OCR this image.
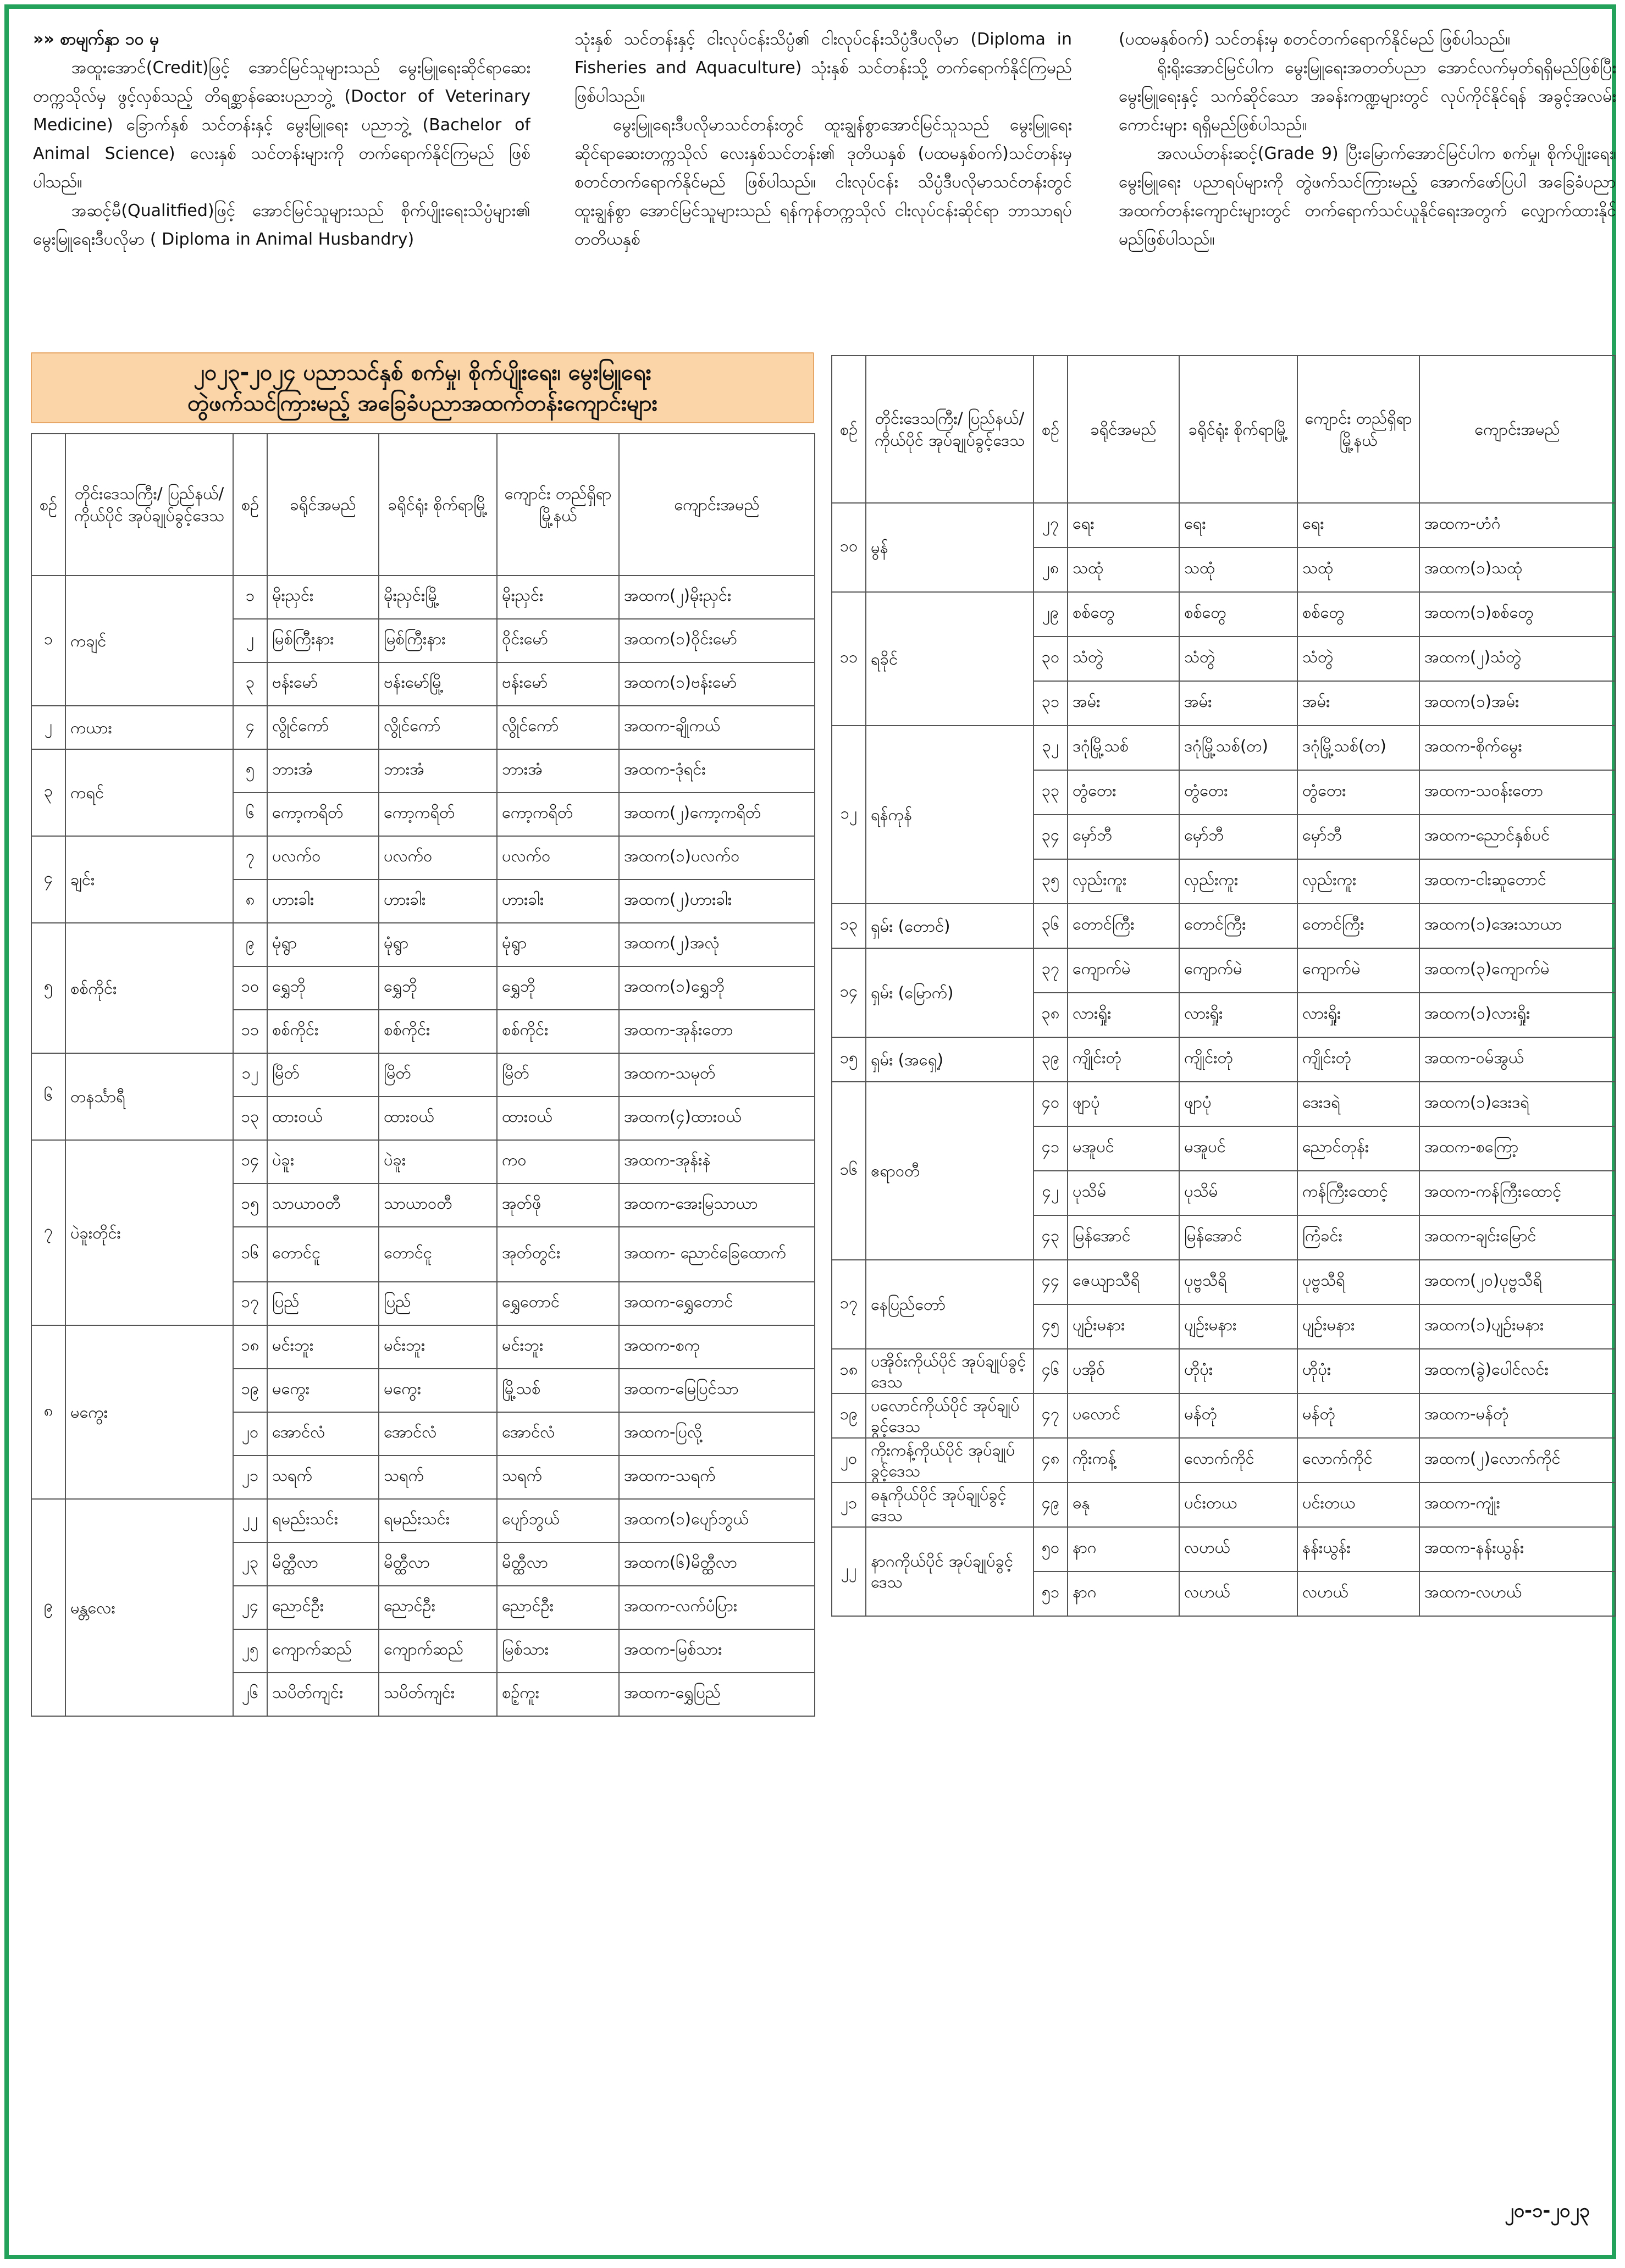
»» စာမျက်နှာ ၁၀ မှ

အထူးအောင်(Credit)ဖြင့် အောင်မြင်သူများသည် မွေးမြူရေးဆိုင်ရာဆေးတက္ကသိုလ်မှ ဖွင့်လှစ်သည့် တိရစ္ဆာန်ဆေးပညာဘွဲ့ (Doctor of Veterinary Medicine) ခြောက်နှစ် သင်တန်းနှင့် မွေးမြူရေး ပညာဘွဲ့ (Bachelor of Animal Science) လေးနှစ် သင်တန်းများကို တက်ရောက်နိုင်ကြမည် ဖြစ်ပါသည်။

အဆင့်မီ(Qualitfied)ဖြင့် အောင်မြင်သူများသည် စိုက်ပျိုးရေးသိပ္ပံများ၏ မွေးမြူရေးဒီပလိုမာ ( Diploma in Animal Husbandry)

သုံးနှစ် သင်တန်းနှင့် ငါးလုပ်ငန်းသိပ္ပံ၏ ငါးလုပ်ငန်းသိပ္ပံဒီပလိုမာ (Diploma in Fisheries and Aquaculture) သုံးနှစ် သင်တန်းသို့ တက်ရောက်နိုင်ကြမည် ဖြစ်ပါသည်။

မွေးမြူရေးဒီပလိုမာသင်တန်းတွင် ထူးချွန်စွာအောင်မြင်သူသည် မွေးမြူရေးဆိုင်ရာဆေးတက္ကသိုလ် လေးနှစ်သင်တန်း၏ ဒုတိယနှစ် (ပထမနှစ်ဝက်)သင်တန်းမှ စတင်တက်ရောက်နိုင်မည် ဖြစ်ပါသည်။ ငါးလုပ်ငန်း သိပ္ပံဒီပလိုမာသင်တန်းတွင် ထူးချွန်စွာ အောင်မြင်သူများသည် ရန်ကုန်တက္ကသိုလ် ငါးလုပ်ငန်းဆိုင်ရာ ဘာသာရပ် တတိယနှစ်

(ပထမနှစ်ဝက်) သင်တန်းမှ စတင်တက်ရောက်နိုင်မည် ဖြစ်ပါသည်။

ရိုးရိုးအောင်မြင်ပါက မွေးမြူရေးအတတ်ပညာ အောင်လက်မှတ်ရရှိမည်ဖြစ်ပြီး မွေးမြူရေးနှင့် သက်ဆိုင်သော အခန်းကဏ္ဍများတွင် လုပ်ကိုင်နိုင်ရန် အခွင့်အလမ်းကောင်းများ ရရှိမည်ဖြစ်ပါသည်။

အလယ်တန်းဆင့်(Grade 9) ပြီးမြောက်အောင်မြင်ပါက စက်မှု၊ စိုက်ပျိုးရေး၊ မွေးမြူရေး ပညာရပ်များကို တွဲဖက်သင်ကြားမည့် အောက်ဖော်ပြပါ အခြေခံပညာအထက်တန်းကျောင်းများတွင် တက်ရောက်သင်ယူနိုင်ရေးအတွက် လျှောက်ထားနိုင်မည်ဖြစ်ပါသည်။

၂၀၂၃-၂၀၂၄ ပညာသင်နှစ် စက်မှု၊ စိုက်ပျိုးရေး၊ မွေးမြူရေး
တွဲဖက်သင်ကြားမည့် အခြေခံပညာအထက်တန်းကျောင်းများ
စဉ်	တိုင်းဒေသကြီး/ ပြည်နယ်/ကိုယ်ပိုင် အုပ်ချုပ်ခွင့်ဒေသ	စဉ်	ခရိုင်အမည်	ခရိုင်ရုံး စိုက်ရာမြို့	ကျောင်း တည်ရှိရာ မြို့နယ်	ကျောင်းအမည်
၁	ကချင်	၁	မိုးညှင်း	မိုးညှင်းမြို့	မိုးညှင်း	အထက(၂)မိုးညှင်း
		၂	မြစ်ကြီးနား	မြစ်ကြီးနား	ဝိုင်းမော်	အထက(၁)ဝိုင်းမော်
		၃	ဗန်းမော်	ဗန်းမော်မြို့	ဗန်းမော်	အထက(၁)ဗန်းမော်
၂	ကယား	၄	လွိုင်ကော်	လွိုင်ကော်	လွိုင်ကော်	အထက-ချိုကယ်
၃	ကရင်	၅	ဘားအံ	ဘားအံ	ဘားအံ	အထက-ဒုံရင်း
		၆	ကော့ကရိတ်	ကော့ကရိတ်	ကော့ကရိတ်	အထက(၂)ကော့ကရိတ်
၄	ချင်း	၇	ပလက်ဝ	ပလက်ဝ	ပလက်ဝ	အထက(၁)ပလက်ဝ
		၈	ဟားခါး	ဟားခါး	ဟားခါး	အထက(၂)ဟားခါး
၅	စစ်ကိုင်း	၉	မုံရွာ	မုံရွာ	မုံရွာ	အထက(၂)အလုံ
		၁၀	ရွှေဘို	ရွှေဘို	ရွှေဘို	အထက(၁)ရွှေဘို
		၁၁	စစ်ကိုင်း	စစ်ကိုင်း	စစ်ကိုင်း	အထက-အုန်းတော
၆	တနင်္သာရီ	၁၂	မြိတ်	မြိတ်	မြိတ်	အထက-သမုတ်
		၁၃	ထားဝယ်	ထားဝယ်	ထားဝယ်	အထက(၄)ထားဝယ်
၇	ပဲခူးတိုင်း	၁၄	ပဲခူး	ပဲခူး	ကဝ	အထက-အုန်းနဲ
		၁၅	သာယာဝတီ	သာယာဝတီ	အုတ်ဖို	အထက-အေးမြသာယာ
		၁၆	တောင်ငူ	တောင်ငူ	အုတ်တွင်း	အထက- ညောင်ခြေထောက်
		၁၇	ပြည်	ပြည်	ရွှေတောင်	အထက-ရွှေတောင်
၈	မကွေး	၁၈	မင်းဘူး	မင်းဘူး	မင်းဘူး	အထက-စကု
		၁၉	မကွေး	မကွေး	မြို့သစ်	အထက-မြေပြင်သာ
		၂၀	အောင်လံ	အောင်လံ	အောင်လံ	အထက-ပြလို့
		၂၁	သရက်	သရက်	သရက်	အထက-သရက်
၉	မန္တလေး	၂၂	ရမည်းသင်း	ရမည်းသင်း	ပျော်ဘွယ်	အထက(၁)ပျော်ဘွယ်
		၂၃	မိတ္ထီလာ	မိတ္ထီလာ	မိတ္ထီလာ	အထက(၆)မိတ္ထီလာ
		၂၄	ညောင်ဦး	ညောင်ဦး	ညောင်ဦး	အထက-လက်ပံပြား
		၂၅	ကျောက်ဆည်	ကျောက်ဆည်	မြစ်သား	အထက-မြစ်သား
		၂၆	သပိတ်ကျင်း	သပိတ်ကျင်း	စဉ့်ကူး	အထက-ရွှေပြည်
စဉ်	တိုင်းဒေသကြီး/ ပြည်နယ်/ကိုယ်ပိုင် အုပ်ချုပ်ခွင့်ဒေသ	စဉ်	ခရိုင်အမည်	ခရိုင်ရုံး စိုက်ရာမြို့	ကျောင်း တည်ရှိရာ မြို့နယ်	ကျောင်းအမည်
၁၀	မွန်	၂၇	ရေး	ရေး	ရေး	အထက-ဟံဂံ
		၂၈	သထုံ	သထုံ	သထုံ	အထက(၁)သထုံ
၁၁	ရခိုင်	၂၉	စစ်တွေ	စစ်တွေ	စစ်တွေ	အထက(၁)စစ်တွေ
		၃၀	သံတွဲ	သံတွဲ	သံတွဲ	အထက(၂)သံတွဲ
		၃၁	အမ်း	အမ်း	အမ်း	အထက(၁)အမ်း
၁၂	ရန်ကုန်	၃၂	ဒဂုံမြို့သစ်	ဒဂုံမြို့သစ်(တ)	ဒဂုံမြို့သစ်(တ)	အထက-စိုက်မွေး
		၃၃	တွံတေး	တွံတေး	တွံတေး	အထက-သဝန်းတော
		၃၄	မှော်ဘီ	မှော်ဘီ	မှော်ဘီ	အထက-ညောင်နှစ်ပင်
		၃၅	လှည်းကူး	လှည်းကူး	လှည်းကူး	အထက-ငါးဆူတောင်
၁၃	ရှမ်း (တောင်)	၃၆	တောင်ကြီး	တောင်ကြီး	တောင်ကြီး	အထက(၁)အေးသာယာ
၁၄	ရှမ်း (မြောက်)	၃၇	ကျောက်မဲ	ကျောက်မဲ	ကျောက်မဲ	အထက(၃)ကျောက်မဲ
		၃၈	လားရှိုး	လားရှိုး	လားရှိုး	အထက(၁)လားရှိုး
၁၅	ရှမ်း (အရှေ့)	၃၉	ကျိုင်းတုံ	ကျိုင်းတုံ	ကျိုင်းတုံ	အထက-ဝမ်အွယ်
၁၆	ဧရာဝတီ	၄၀	ဖျာပုံ	ဖျာပုံ	ဒေးဒရဲ	အထက(၁)ဒေးဒရဲ
		၄၁	မအူပင်	မအူပင်	ညောင်တုန်း	အထက-စကြော့
		၄၂	ပုသိမ်	ပုသိမ်	ကန်ကြီးထောင့်	အထက-ကန်ကြီးထောင့်
		၄၃	မြန်အောင်	မြန်အောင်	ကြံခင်း	အထက-ချင်းမြောင်
၁၇	နေပြည်တော်	၄၄	ဇေယျာသီရိ	ပုဗ္ဗသီရိ	ပုဗ္ဗသီရိ	အထက(၂၀)ပုဗ္ဗသီရိ
		၄၅	ပျဉ်းမနား	ပျဉ်းမနား	ပျဉ်းမနား	အထက(၁)ပျဉ်းမနား
၁၈	ပအိုဝ်းကိုယ်ပိုင် အုပ်ချုပ်ခွင့်ဒေသ	၄၆	ပအိုဝ်	ဟိုပုံး	ဟိုပုံး	အထက(ခွဲ)ပေါင်လင်း
၁၉	ပလောင်ကိုယ်ပိုင် အုပ်ချုပ်ခွင့်ဒေသ	၄၇	ပလောင်	မန်တုံ	မန်တုံ	အထက-မန်တုံ
၂၀	ကိုးကန့်ကိုယ်ပိုင် အုပ်ချုပ်ခွင့်ဒေသ	၄၈	ကိုးကန့်	လောက်ကိုင်	လောက်ကိုင်	အထက(၂)လောက်ကိုင်
၂၁	ဓနုကိုယ်ပိုင် အုပ်ချုပ်ခွင့်ဒေသ	၄၉	ဓနု	ပင်းတယ	ပင်းတယ	အထက-ကျုံး
၂၂	နာဂကိုယ်ပိုင် အုပ်ချုပ်ခွင့်ဒေသ	၅၀	နာဂ	လဟယ်	နန်းယွန်း	အထက-နန်းယွန်း
		၅၁	နာဂ	လဟယ်	လဟယ်	အထက-လဟယ်
၂၀-၁-၂၀၂၃
